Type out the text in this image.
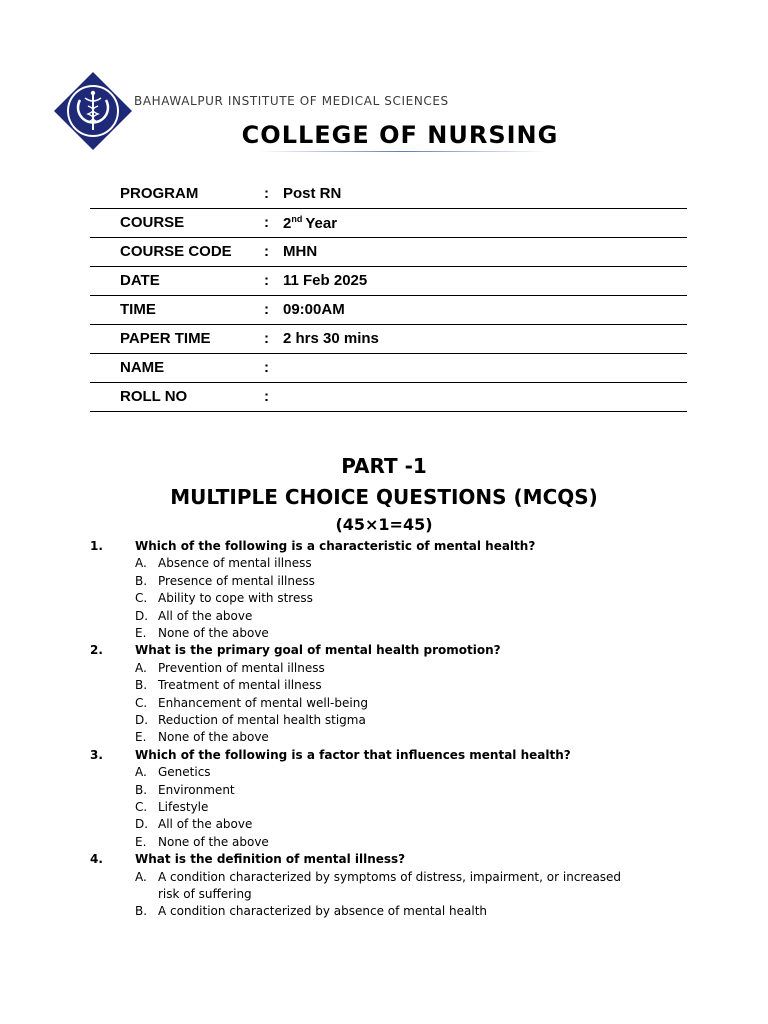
BAHAWALPUR INSTITUTE OF MEDICAL SCIENCES
COLLEGE OF NURSING
PROGRAM	: Post RN
COURSE	: 2nd Year
COURSE CODE : MHN
DATE	: 11 Feb 2025
TIME	: 09:00AM
PAPER TIME	: 2 hrs 30 mins
NAME	:
ROLL NO	:
PART -1
MULTIPLE CHOICE QUESTIONS (MCQS)
(45×1=45)
1.	Which of the following is a characteristic of mental health?
A. Absence of mental illness
B. Presence of mental illness
C. Ability to cope with stress
D. All of the above
E. None of the above
2.	What is the primary goal of mental health promotion?
A. Prevention of mental illness
B. Treatment of mental illness
C. Enhancement of mental well-being
D. Reduction of mental health stigma
E. None of the above
3.	Which of the following is a factor that influences mental health?
A. Genetics
B. Environment
C. Lifestyle
D. All of the above
E. None of the above
4.	What is the definition of mental illness?
A. A condition characterized by symptoms of distress, impairment, or increased risk of suffering
B. A condition characterized by absence of mental health
